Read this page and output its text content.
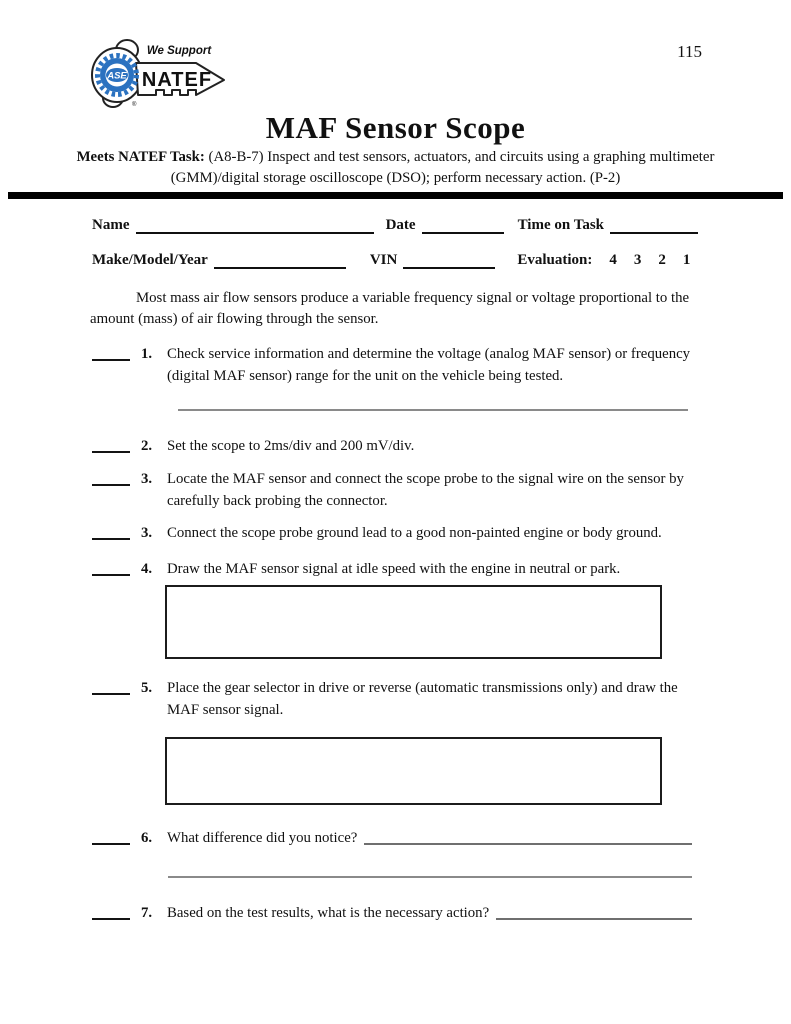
ASE
We Support
NATEF
®
115
MAF Sensor Scope
Meets NATEF Task: (A8-B-7) Inspect and test sensors, actuators, and circuits using a graphing multimeter (GMM)/digital storage oscilloscope (DSO); perform necessary action. (P-2)
Name	Date	Time on Task
Make/Model/Year	VIN	Evaluation: 4 3 2 1
Most mass air flow sensors produce a variable frequency signal or voltage proportional to the amount (mass) of air flowing through the sensor.
1.	Check service information and determine the voltage (analog MAF sensor) or frequency (digital MAF sensor) range for the unit on the vehicle being tested.
2.	Set the scope to 2ms/div and 200 mV/div.
3.	Locate the MAF sensor and connect the scope probe to the signal wire on the sensor by carefully back probing the connector.
3.	Connect the scope probe ground lead to a good non-painted engine or body ground.
4.	Draw the MAF sensor signal at idle speed with the engine in neutral or park.
5.	Place the gear selector in drive or reverse (automatic transmissions only) and draw the MAF sensor signal.
6.	What difference did you notice?
7.	Based on the test results, what is the necessary action?
